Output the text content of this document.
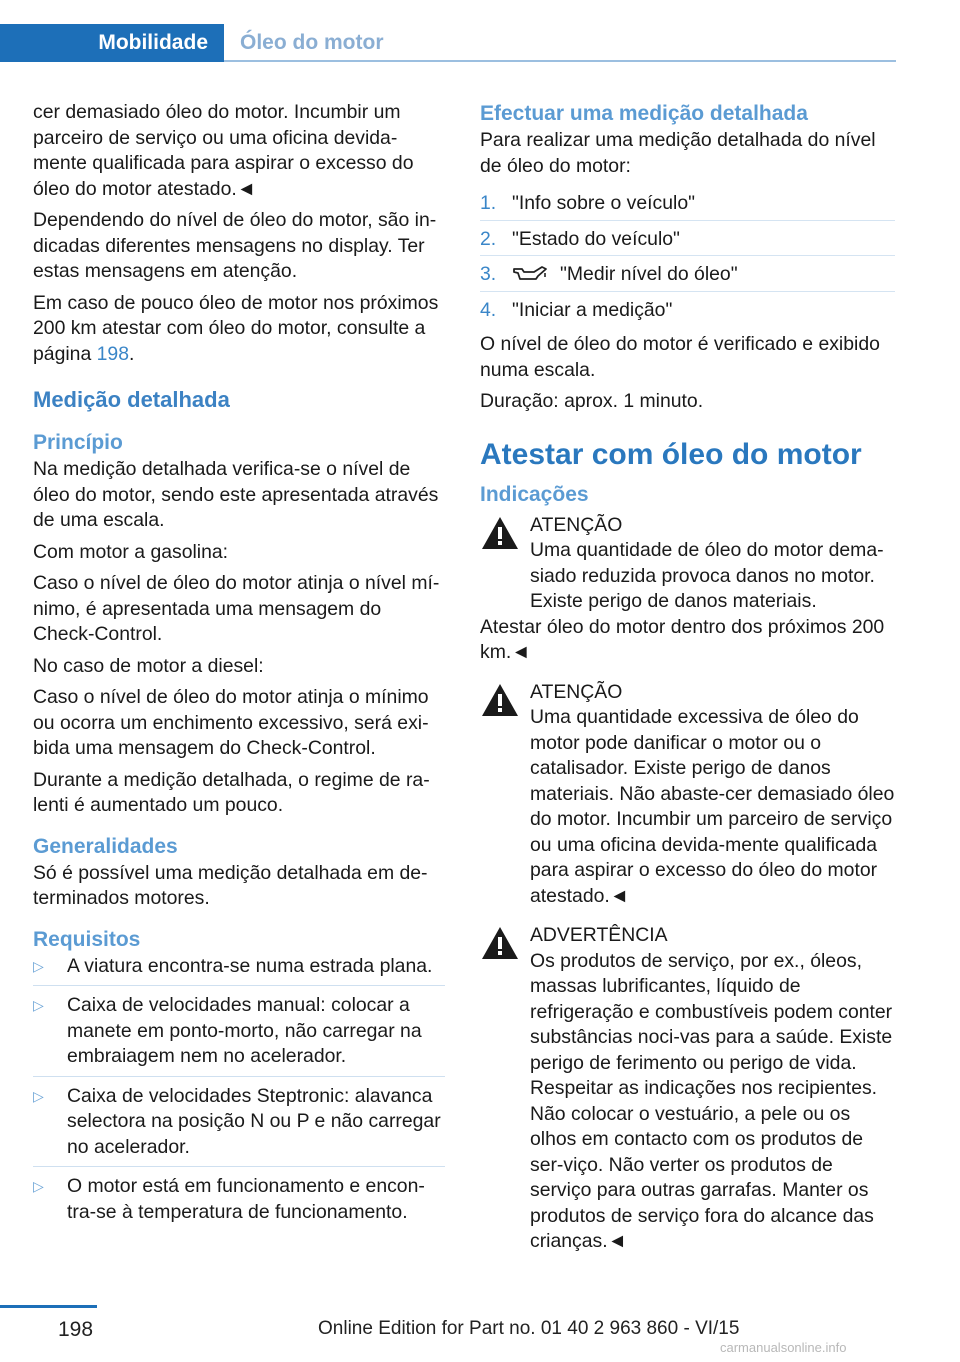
Mobilidade	Óleo do motor

cer demasiado óleo do motor. Incumbir um parceiro de serviço ou uma oficina devida-mente qualificada para aspirar o excesso do óleo do motor atestado.◄

Dependendo do nível de óleo do motor, são in-dicadas diferentes mensagens no display. Ter estas mensagens em atenção.

Em caso de pouco óleo de motor nos próximos 200 km atestar com óleo do motor, consulte a página 198.

Medição detalhada
Princípio

Na medição detalhada verifica-se o nível de óleo do motor, sendo este apresentada através de uma escala.

Com motor a gasolina:

Caso o nível de óleo do motor atinja o nível mí-nimo, é apresentada uma mensagem do Check-Control.

No caso de motor a diesel:

Caso o nível de óleo do motor atinja o mínimo ou ocorra um enchimento excessivo, será exi-bida uma mensagem do Check-Control.

Durante a medição detalhada, o regime de ra-lenti é aumentado um pouco.

Generalidades

Só é possível uma medição detalhada em de-terminados motores.

Requisitos
▷ A viatura encontra-se numa estrada plana.
▷ Caixa de velocidades manual: colocar a manete em ponto-morto, não carregar na embraiagem nem no acelerador.
▷ Caixa de velocidades Steptronic: alavanca selectora na posição N ou P e não carregar no acelerador.
▷ O motor está em funcionamento e encon-tra-se à temperatura de funcionamento.
Efectuar uma medição detalhada

Para realizar uma medição detalhada do nível de óleo do motor:

1. "Info sobre o veículo"
2. "Estado do veículo"
3.	"Medir nível do óleo"
4. "Iniciar a medição"

O nível de óleo do motor é verificado e exibido numa escala.

Duração: aprox. 1 minuto.

Atestar com óleo do motor
Indicações
ATENÇÃO
Uma quantidade de óleo do motor dema-siado reduzida provoca danos no motor. Existe perigo de danos materiais.

Atestar óleo do motor dentro dos próximos 200 km.◄

ATENÇÃO
Uma quantidade excessiva de óleo do motor pode danificar o motor ou o catalisador. Existe perigo de danos materiais. Não abaste-cer demasiado óleo do motor. Incumbir um parceiro de serviço ou uma oficina devida-mente qualificada para aspirar o excesso do óleo do motor atestado.◄
ADVERTÊNCIA
Os produtos de serviço, por ex., óleos, massas lubrificantes, líquido de refrigeração e combustíveis podem conter substâncias noci-vas para a saúde. Existe perigo de ferimento ou perigo de vida. Respeitar as indicações nos recipientes. Não colocar o vestuário, a pele ou os olhos em contacto com os produtos de ser-viço. Não verter os produtos de serviço para outras garrafas. Manter os produtos de serviço fora do alcance das crianças.◄
198	Online Edition for Part no. 01 40 2 963 860 - VI/15
carmanualsonline.info
